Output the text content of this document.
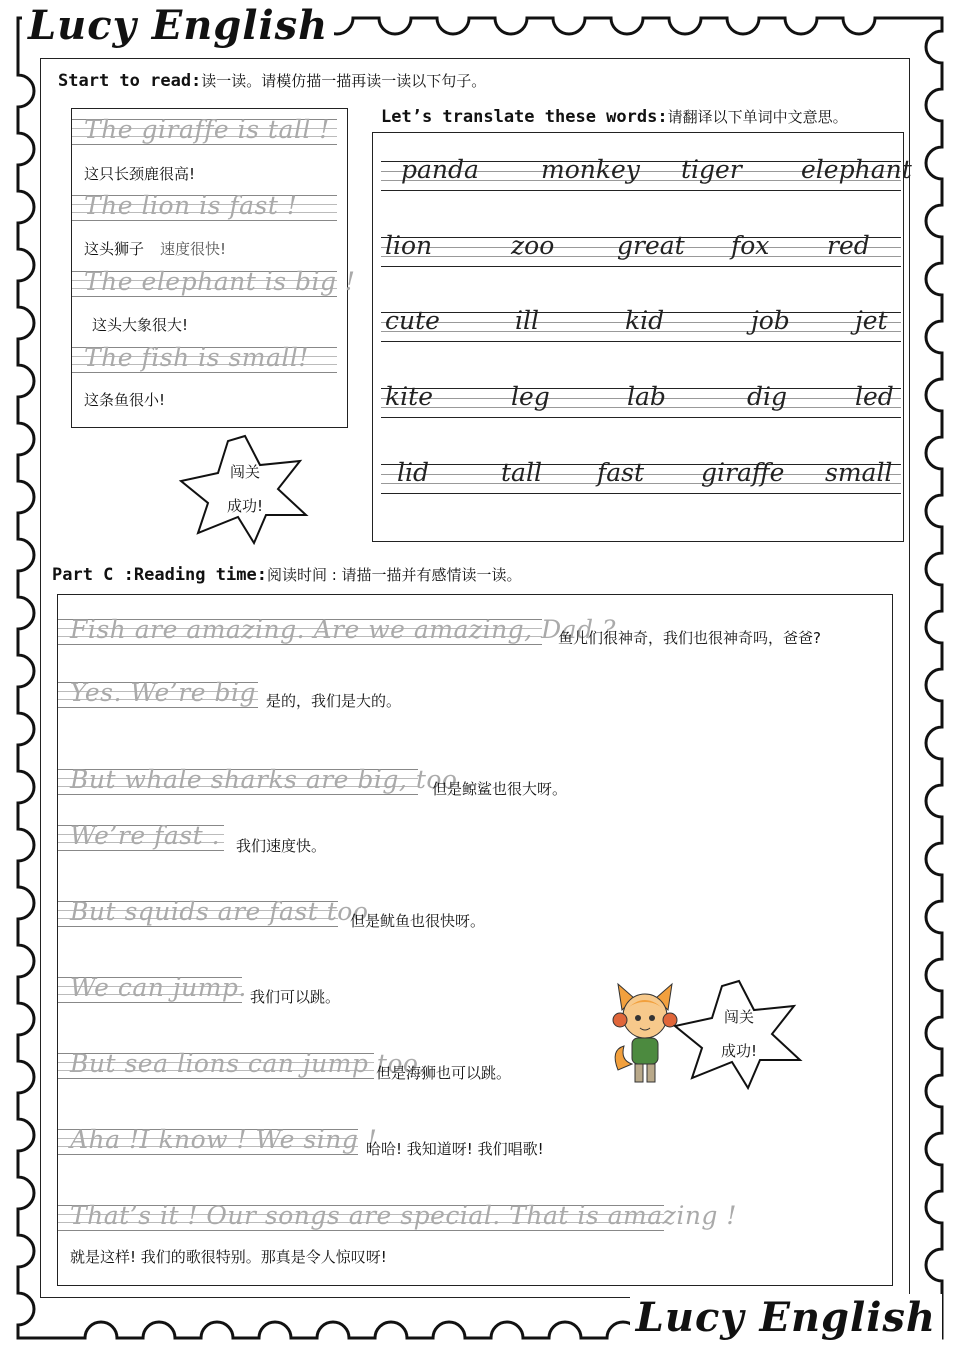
Lucy English
Lucy English
Start to read:读一读。请模仿描一描再读一读以下句子。
The giraffe is tall !
这只长颈鹿很高!
The lion is fast !
这头狮子 速度很快!
The elephant is big !
这头大象很大!
The fish is small!
这条鱼很小!
闯关
成功!
Let’s translate these words:请翻译以下单词中文意思。
panda monkey tiger elephant
lion	zoo	great fox red
cute	ill	kid	job	jet
kite	leg	lab	dig	led
lid	tall fast giraffe small
Part C :Reading time:阅读时间 : 请描一描并有感情读一读。
Fish are amazing. Are we amazing, Dad ?
鱼儿们很神奇，我们也很神奇吗，爸爸?
Yes. We’re big .
是的，我们是大的。
But whale sharks are big, too .
但是鲸鲨也很大呀。
We’re fast . 我们速度快。
But squids are fast too.
但是鱿鱼也很快呀。
We can jump. 我们可以跳。
But sea lions can jump too.
但是海狮也可以跳。
Aha !I know ! We sing !
哈哈! 我知道呀! 我们唱歌!
That’s it ! Our songs are special. That is amazing !
就是这样! 我们的歌很特别。那真是令人惊叹呀!
闯关
成功!
